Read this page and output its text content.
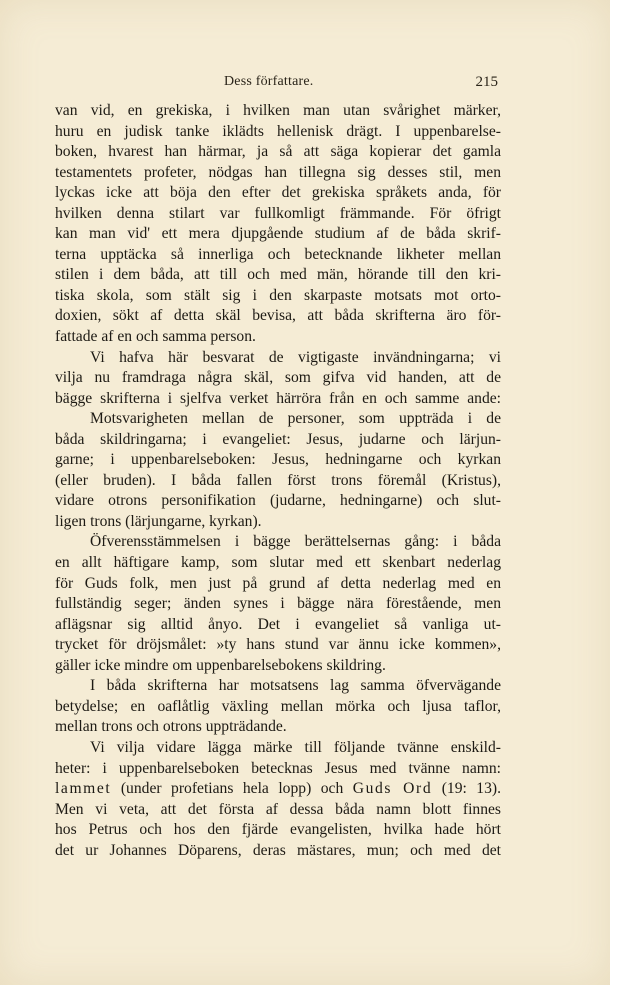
Dess författare.	215
van vid, en grekiska, i hvilken man utan svårighet märker,
huru en judisk tanke iklädts hellenisk drägt. I uppenbarelse-
boken, hvarest han härmar, ja så att säga kopierar det gamla
testamentets profeter, nödgas han tillegna sig desses stil, men
lyckas icke att böja den efter det grekiska språkets anda, för
hvilken denna stilart var fullkomligt främmande. För öfrigt
kan man vid' ett mera djupgående studium af de båda skrif-
terna upptäcka så innerliga och betecknande likheter mellan
stilen i dem båda, att till och med män, hörande till den kri-
tiska skola, som stält sig i den skarpaste motsats mot orto-
doxien, sökt af detta skäl bevisa, att båda skrifterna äro för-
fattade af en och samma person.
Vi hafva här besvarat de vigtigaste invändningarna; vi
vilja nu framdraga några skäl, som gifva vid handen, att de
bägge skrifterna i sjelfva verket härröra från en och samme ande:
Motsvarigheten mellan de personer, som uppträda i de
båda skildringarna; i evangeliet: Jesus, judarne och lärjun-
garne; i uppenbarelseboken: Jesus, hedningarne och kyrkan
(eller bruden). I båda fallen först trons föremål (Kristus),
vidare otrons personifikation (judarne, hedningarne) och slut-
ligen trons (lärjungarne, kyrkan).
Öfverensstämmelsen i bägge berättelsernas gång: i båda
en allt häftigare kamp, som slutar med ett skenbart nederlag
för Guds folk, men just på grund af detta nederlag med en
fullständig seger; änden synes i bägge nära förestående, men
aflägsnar sig alltid ånyo. Det i evangeliet så vanliga ut-
trycket för dröjsmålet: »ty hans stund var ännu icke kommen»,
gäller icke mindre om uppenbarelsebokens skildring.
I båda skrifterna har motsatsens lag samma öfvervägande
betydelse; en oaflåtlig växling mellan mörka och ljusa taflor,
mellan trons och otrons uppträdande.
Vi vilja vidare lägga märke till följande tvänne enskild-
heter: i uppenbarelseboken betecknas Jesus med tvänne namn:
lammet (under profetians hela lopp) och Guds Ord (19: 13).
Men vi veta, att det första af dessa båda namn blott finnes
hos Petrus och hos den fjärde evangelisten, hvilka hade hört
det ur Johannes Döparens, deras mästares, mun; och med det
